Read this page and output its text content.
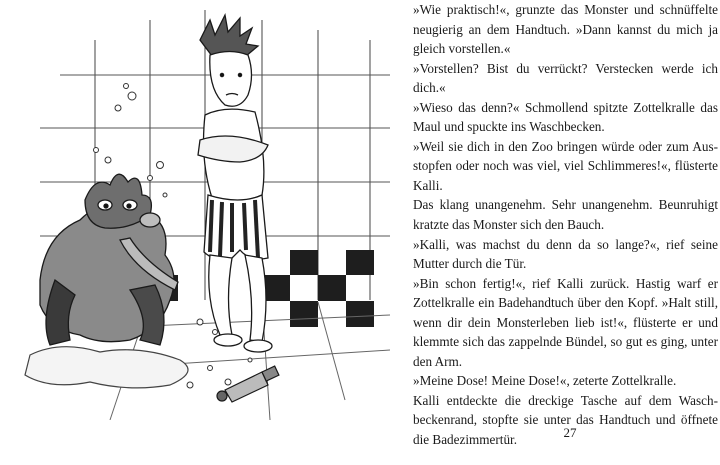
»Wie praktisch!«, grunzte das Monster und schnüffelte neugierig an dem Handtuch. »Dann kannst du mich ja gleich vorstellen.«

»Vorstellen? Bist du verrückt? Verstecken werde ich dich.«

»Wieso das denn?« Schmollend spitzte Zottelkralle das Maul und spuckte ins Waschbecken.

»Weil sie dich in den Zoo bringen würde oder zum Ausstopfen oder noch was viel, viel Schlimmeres!«, flüsterte Kalli.

Das klang unangenehm. Sehr unangenehm. Beunruhigt kratzte das Monster sich den Bauch.

»Kalli, was machst du denn da so lange?«, rief seine Mutter durch die Tür.

»Bin schon fertig!«, rief Kalli zurück. Hastig warf er Zottelkralle ein Badehandtuch über den Kopf. »Halt still, wenn dir dein Monsterleben lieb ist!«, flüsterte er und klemmte sich das zappelnde Bündel, so gut es ging, unter den Arm.

»Meine Dose! Meine Dose!«, zeterte Zottelkralle.

Kalli entdeckte die dreckige Tasche auf dem Waschbeckenrand, stopfte sie unter das Handtuch und öffnete die Badezimmertür.	27
